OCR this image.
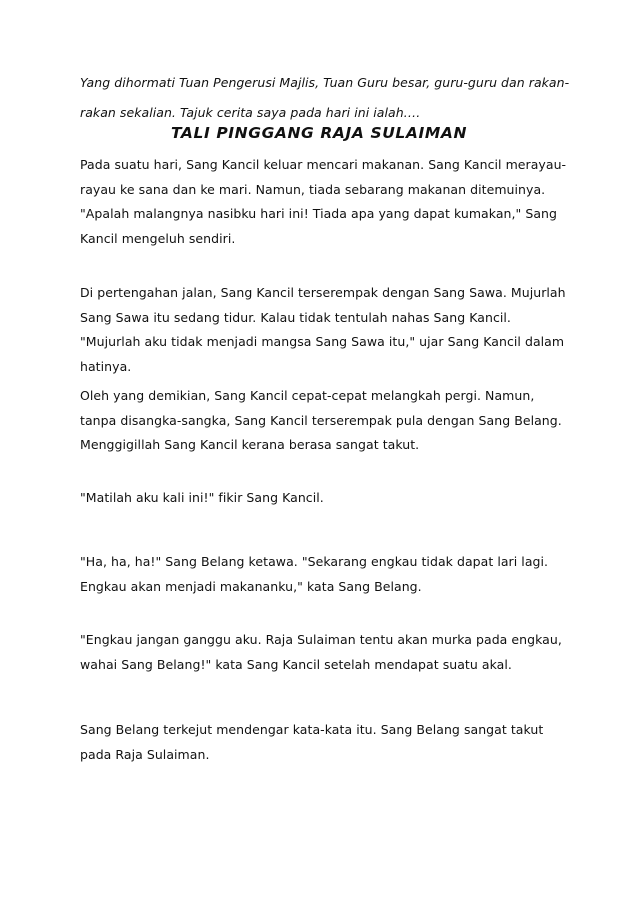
Yang dihormati Tuan Pengerusi Majlis, Tuan Guru besar, guru-guru dan rakan-rakan sekalian. Tajuk cerita saya pada hari ini ialah….
TALI PINGGANG RAJA SULAIMAN
Pada suatu hari, Sang Kancil keluar mencari makanan. Sang Kancil merayau-rayau ke sana dan ke mari. Namun, tiada sebarang makanan ditemuinya. "Apalah malangnya nasibku hari ini! Tiada apa yang dapat kumakan," Sang Kancil mengeluh sendiri.
Di pertengahan jalan, Sang Kancil terserempak dengan Sang Sawa. Mujurlah Sang Sawa itu sedang tidur. Kalau tidak tentulah nahas Sang Kancil. "Mujurlah aku tidak menjadi mangsa Sang Sawa itu," ujar Sang Kancil dalam hatinya.
Oleh yang demikian, Sang Kancil cepat-cepat melangkah pergi. Namun, tanpa disangka-sangka, Sang Kancil terserempak pula dengan Sang Belang. Menggigillah Sang Kancil kerana berasa sangat takut.
"Matilah aku kali ini!" fikir Sang Kancil.
"Ha, ha, ha!" Sang Belang ketawa. "Sekarang engkau tidak dapat lari lagi. Engkau akan menjadi makananku," kata Sang Belang.
"Engkau jangan ganggu aku. Raja Sulaiman tentu akan murka pada engkau, wahai Sang Belang!" kata Sang Kancil setelah mendapat suatu akal.
Sang Belang terkejut mendengar kata-kata itu. Sang Belang sangat takut pada Raja Sulaiman.
